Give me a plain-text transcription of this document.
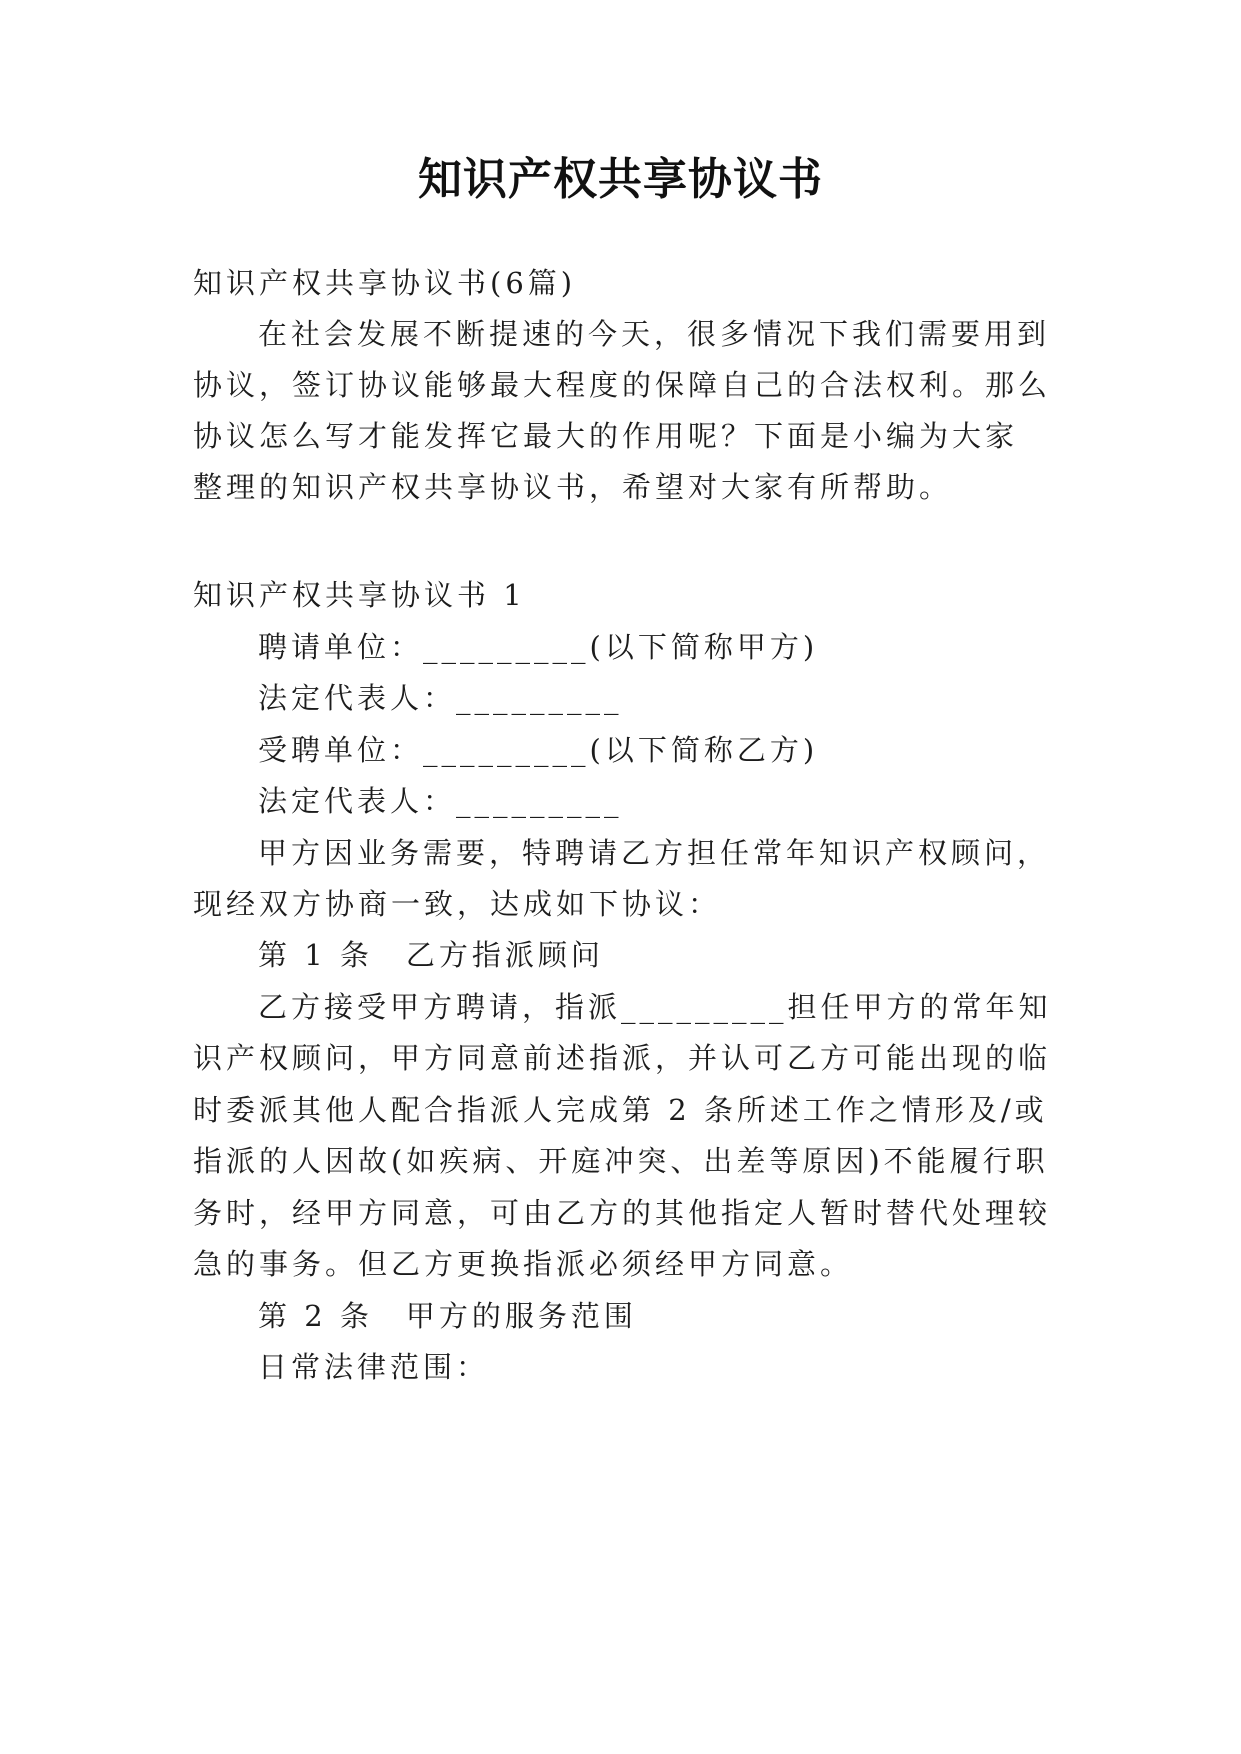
知识产权共享协议书
知识产权共享协议书(6篇)
在社会发展不断提速的今天，很多情况下我们需要用到
协议，签订协议能够最大程度的保障自己的合法权利。那么
协议怎么写才能发挥它最大的作用呢？下面是小编为大家
整理的知识产权共享协议书，希望对大家有所帮助。
知识产权共享协议书 1
聘请单位：_________(以下简称甲方)
法定代表人：_________
受聘单位：_________(以下简称乙方)
法定代表人：_________
甲方因业务需要，特聘请乙方担任常年知识产权顾问，
现经双方协商一致，达成如下协议：
第 1 条　乙方指派顾问
乙方接受甲方聘请，指派_________担任甲方的常年知
识产权顾问，甲方同意前述指派，并认可乙方可能出现的临
时委派其他人配合指派人完成第 2 条所述工作之情形及/或
指派的人因故(如疾病、开庭冲突、出差等原因)不能履行职
务时，经甲方同意，可由乙方的其他指定人暂时替代处理较
急的事务。但乙方更换指派必须经甲方同意。
第 2 条　甲方的服务范围
日常法律范围：
